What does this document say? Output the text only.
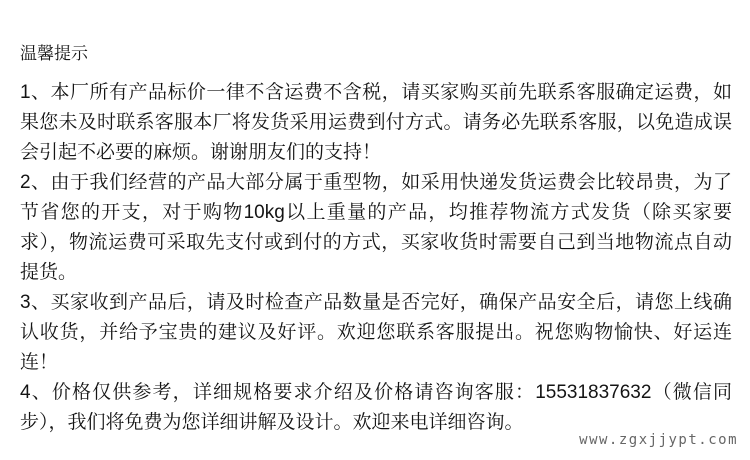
温馨提示

1、本厂所有产品标价一律不含运费不含税，请买家购买前先联系客服确定运费，如果您未及时联系客服本厂将发货采用运费到付方式。请务必先联系客服，以免造成误会引起不必要的麻烦。谢谢朋友们的支持！

2、由于我们经营的产品大部分属于重型物，如采用快递发货运费会比较昂贵，为了节省您的开支，对于购物10kg以上重量的产品，均推荐物流方式发货（除买家要求），物流运费可采取先支付或到付的方式，买家收货时需要自己到当地物流点自动提货。

3、买家收到产品后，请及时检查产品数量是否完好，确保产品安全后，请您上线确认收货，并给予宝贵的建议及好评。欢迎您联系客服提出。祝您购物愉快、好运连连！

4、价格仅供参考，详细规格要求介绍及价格请咨询客服：15531837632（微信同步），我们将免费为您详细讲解及设计。欢迎来电详细咨询。

www.zgxjjypt.com
